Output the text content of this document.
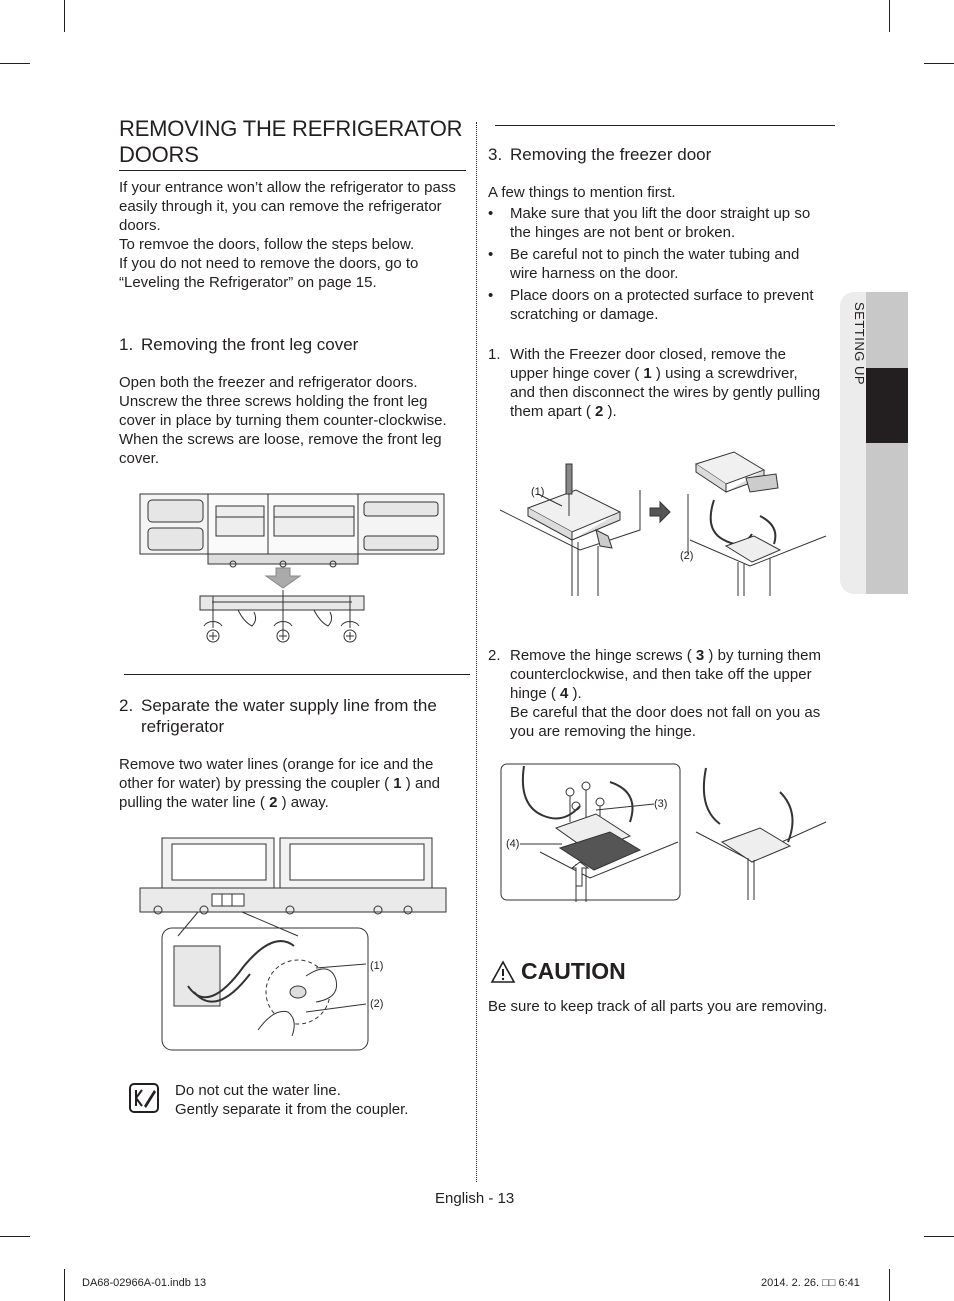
SETTING UP
REMOVING THE REFRIGERATOR DOORS
If your entrance won’t allow the refrigerator to pass
easily through it, you can remove the refrigerator
doors.
To remvoe the doors, follow the steps below.
If you do not need to remove the doors, go to
“Leveling the Refrigerator” on page 15.
1. Removing the front leg cover
Open both the freezer and refrigerator doors.
Unscrew the three screws holding the front leg
cover in place by turning them counter-clockwise.
When the screws are loose, remove the front leg
cover.
2. Separate the water supply line from the
refrigerator
Remove two water lines (orange for ice and the
other for water) by pressing the coupler ( 1 ) and
pulling the water line ( 2 ) away.
(1)
(2)
Do not cut the water line.
Gently separate it from the coupler.
3. Removing the freezer door
A few things to mention first.
•	Make sure that you lift the door straight up so
the hinges are not bent or broken.
•	Be careful not to pinch the water tubing and
wire harness on the door.
•	Place doors on a protected surface to prevent
scratching or damage.
1. With the Freezer door closed, remove the
upper hinge cover ( 1 ) using a screwdriver,
and then disconnect the wires by gently pulling
them apart ( 2 ).
(1)
(2)
2. Remove the hinge screws ( 3 ) by turning them
counterclockwise, and then take off the upper
hinge ( 4 ).
Be careful that the door does not fall on you as
you are removing the hinge.
(3)
(4)
CAUTION
Be sure to keep track of all parts you are removing.
English - 13
DA68-02966A-01.indb 13	2014. 2. 26. □□ 6:41
